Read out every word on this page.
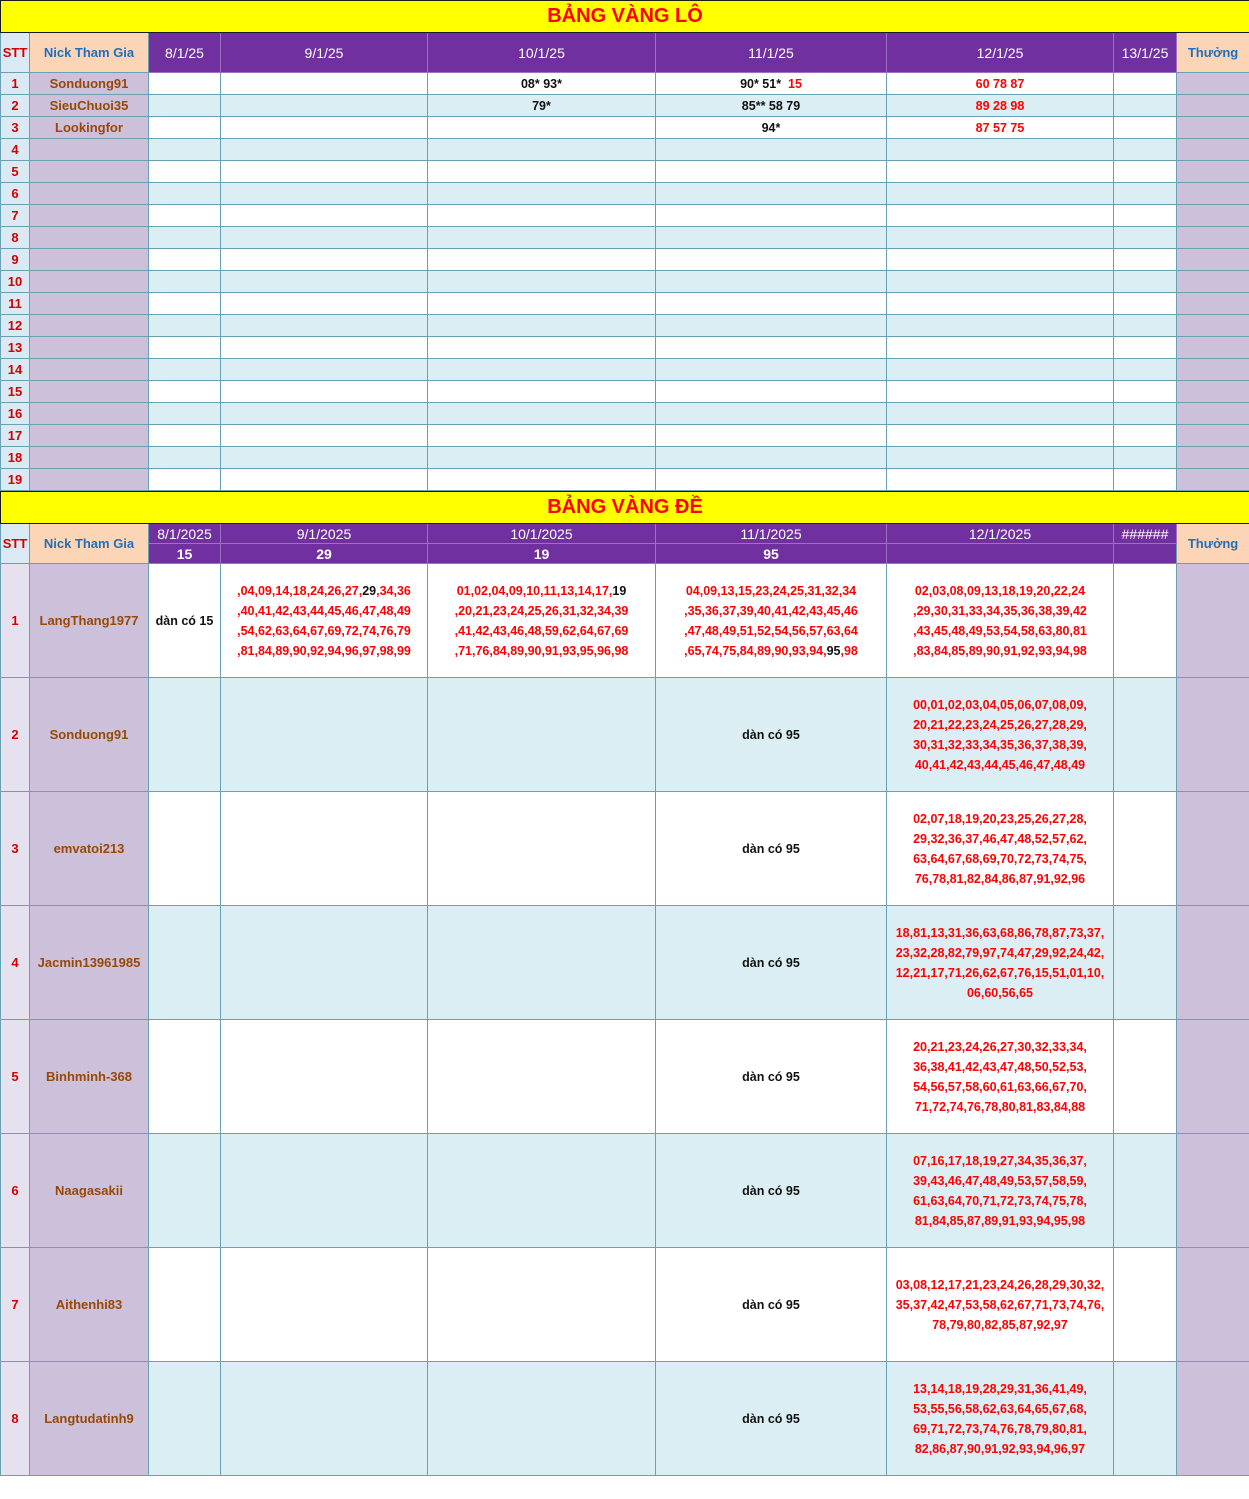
BẢNG VÀNG LÔ								
STT	Nick Tham Gia	8/1/25	9/1/25	10/1/25	11/1/25	12/1/25	13/1/25	Thưởng
1	Sonduong91			08* 93*	90* 51* 15	60 78 87		
2	SieuChuoi35			79*	85** 58 79	89 28 98		
3	Lookingfor				94*	87 57 75		
4								
5								
6								
7								
8								
9								
10								
11								
12								
13								
14								
15								
16								
17								
18								
19								
BẢNG VÀNG ĐỀ								
STT	Nick Tham Gia	8/1/2025	9/1/2025	10/1/2025	11/1/2025	12/1/2025	######	Thưởng
		15	29	19	95			
1	LangThang1977	dàn có 15	,04,09,14,18,24,26,27,29,34,36
,40,41,42,43,44,45,46,47,48,49
,54,62,63,64,67,69,72,74,76,79
,81,84,89,90,92,94,96,97,98,99	01,02,04,09,10,11,13,14,17,19
,20,21,23,24,25,26,31,32,34,39
,41,42,43,46,48,59,62,64,67,69
,71,76,84,89,90,91,93,95,96,98	04,09,13,15,23,24,25,31,32,34
,35,36,37,39,40,41,42,43,45,46
,47,48,49,51,52,54,56,57,63,64
,65,74,75,84,89,90,93,94,95,98	02,03,08,09,13,18,19,20,22,24
,29,30,31,33,34,35,36,38,39,42
,43,45,48,49,53,54,58,63,80,81
,83,84,85,89,90,91,92,93,94,98		

2	Sonduong91				dàn có 95	00,01,02,03,04,05,06,07,08,09,
20,21,22,23,24,25,26,27,28,29,
30,31,32,33,34,35,36,37,38,39,
40,41,42,43,44,45,46,47,48,49		

3	emvatoi213				dàn có 95	02,07,18,19,20,23,25,26,27,28,
29,32,36,37,46,47,48,52,57,62,
63,64,67,68,69,70,72,73,74,75,
76,78,81,82,84,86,87,91,92,96		

4	Jacmin13961985				dàn có 95	18,81,13,31,36,63,68,86,78,87,73,37,
23,32,28,82,79,97,74,47,29,92,24,42,
12,21,17,71,26,62,67,76,15,51,01,10,
06,60,56,65		

5	Binhminh-368				dàn có 95	20,21,23,24,26,27,30,32,33,34,
36,38,41,42,43,47,48,50,52,53,
54,56,57,58,60,61,63,66,67,70,
71,72,74,76,78,80,81,83,84,88		

6	Naagasakii				dàn có 95	07,16,17,18,19,27,34,35,36,37,
39,43,46,47,48,49,53,57,58,59,
61,63,64,70,71,72,73,74,75,78,
81,84,85,87,89,91,93,94,95,98		

7	Aithenhi83				dàn có 95	03,08,12,17,21,23,24,26,28,29,30,32,
35,37,42,47,53,58,62,67,71,73,74,76,
78,79,80,82,85,87,92,97		

8	Langtudatinh9				dàn có 95	13,14,18,19,28,29,31,36,41,49,
53,55,56,58,62,63,64,65,67,68,
69,71,72,73,74,76,78,79,80,81,
82,86,87,90,91,92,93,94,96,97		
